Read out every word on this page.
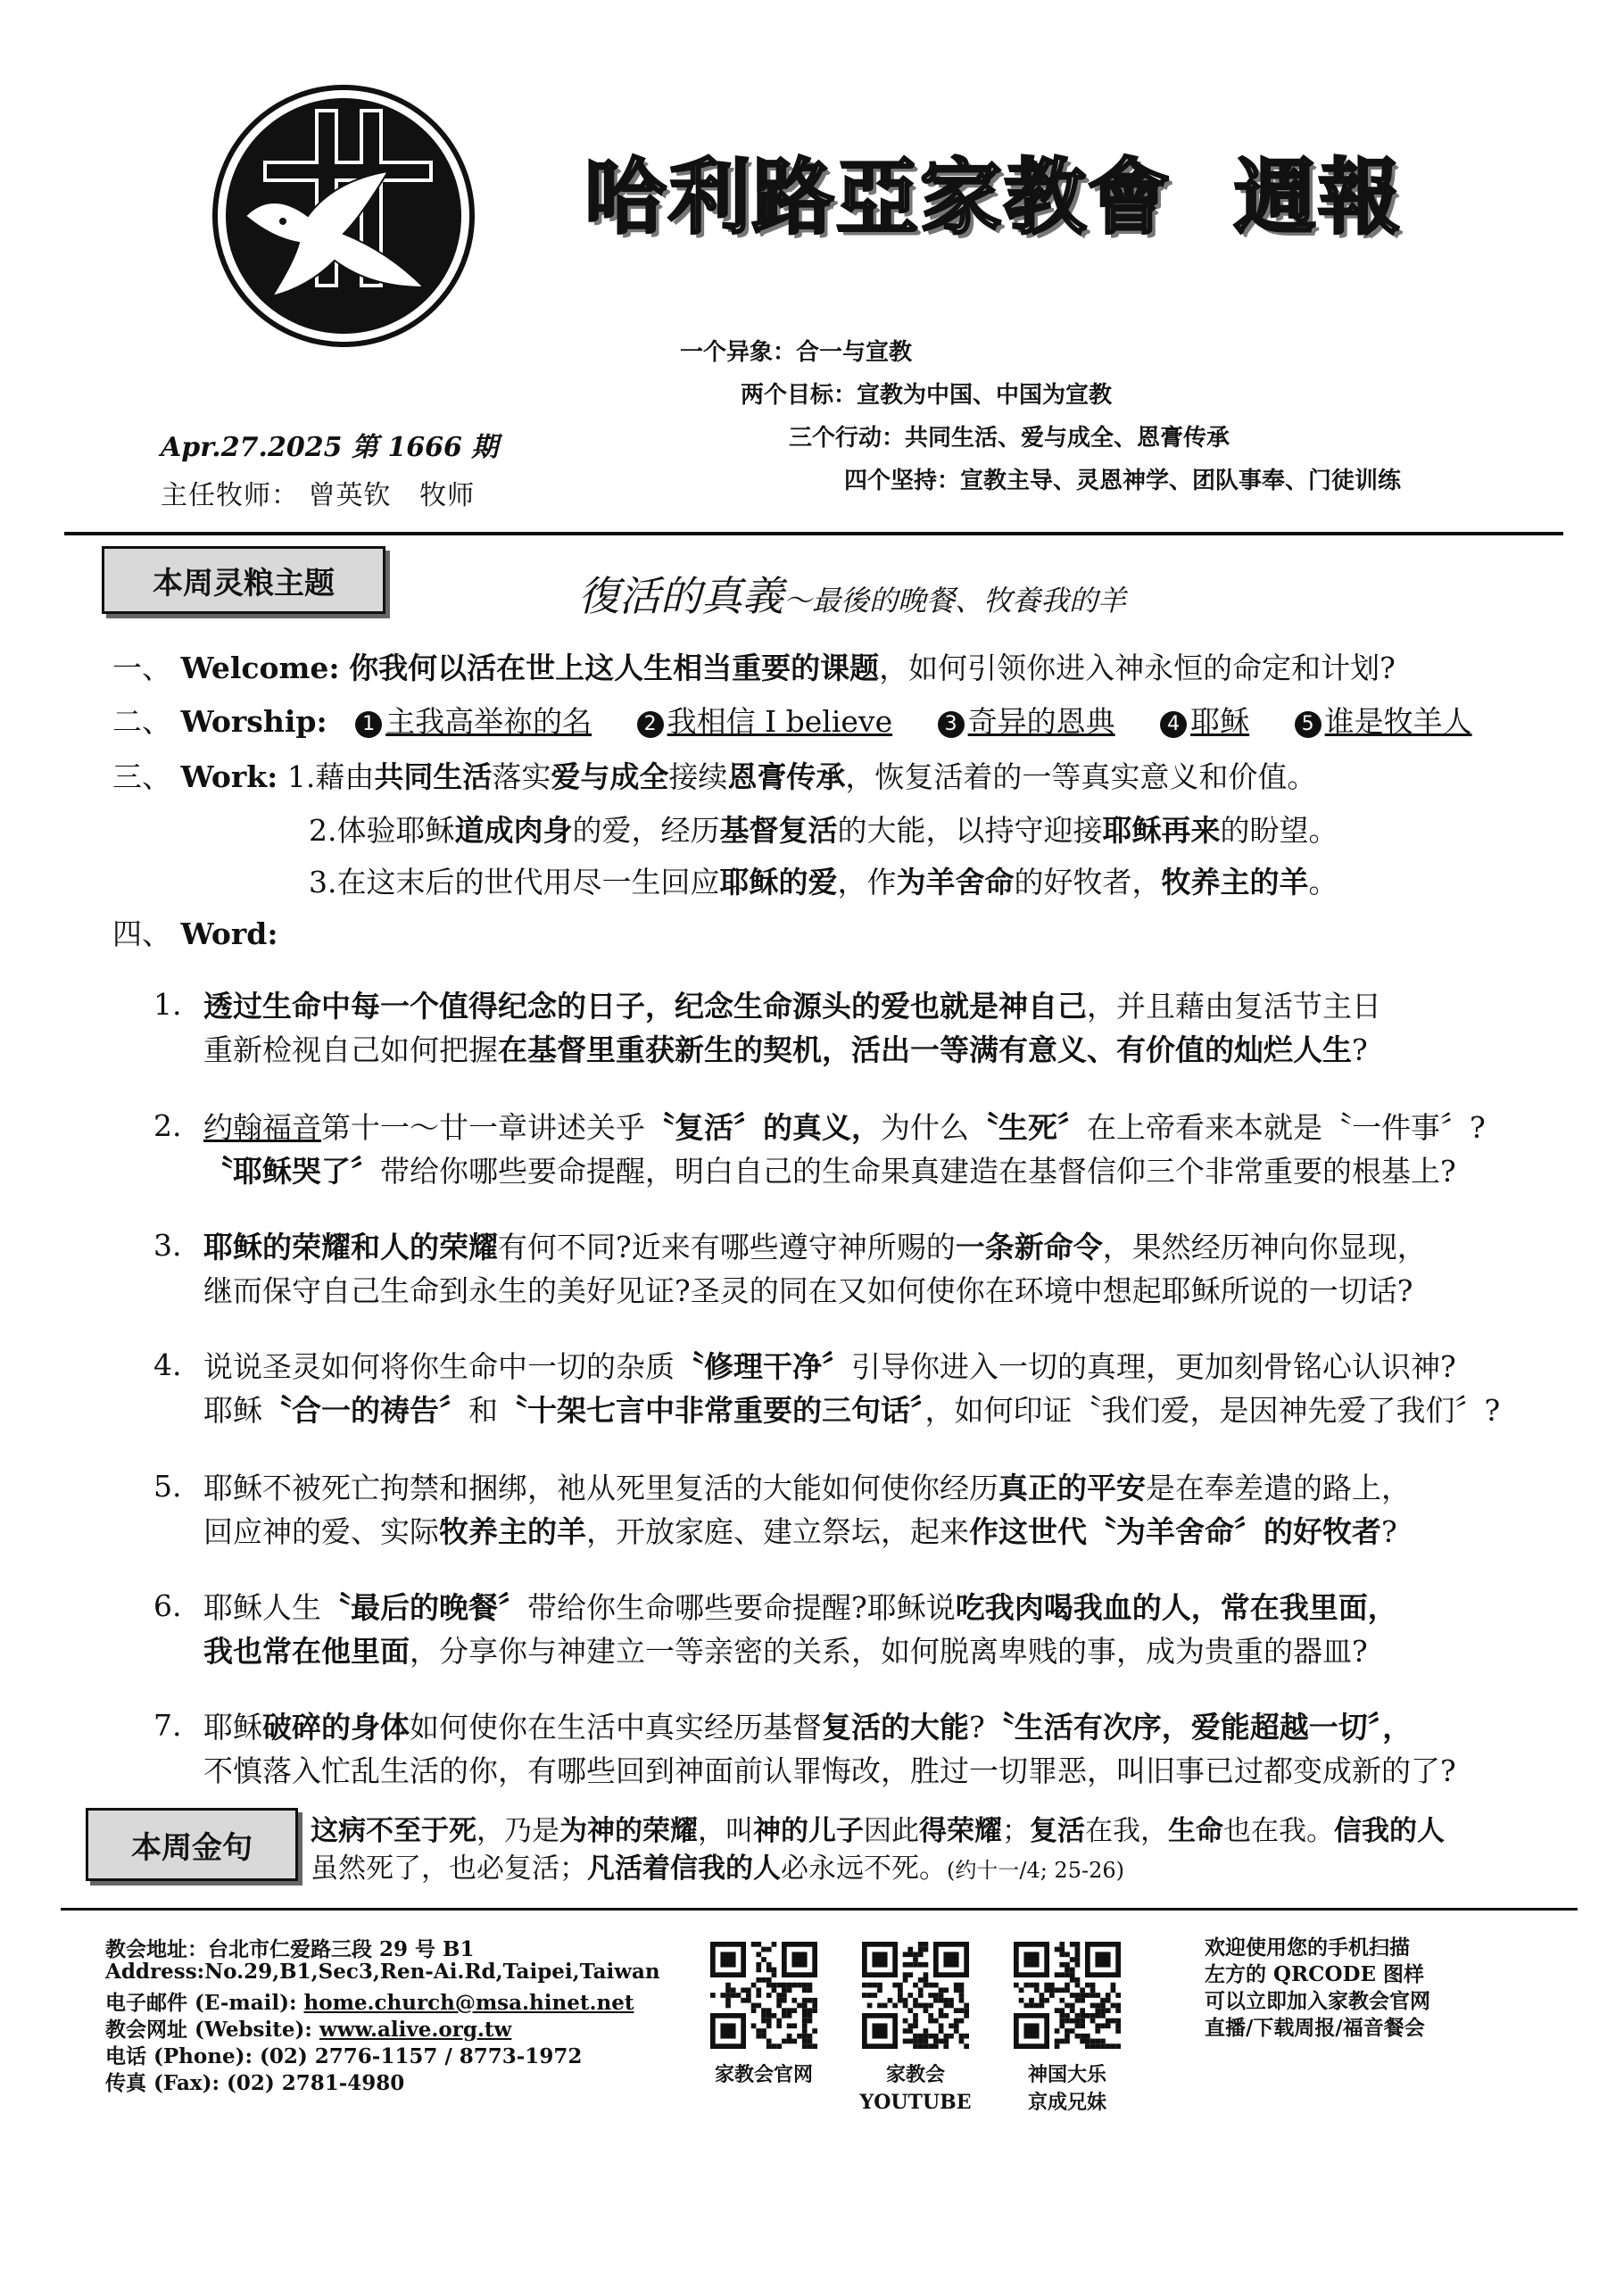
哈利路亞家教會 週報
一个异象：合一与宣教
两个目标：宣教为中国、中国为宣教
三个行动：共同生活、爱与成全、恩膏传承
四个坚持：宣教主导、灵恩神学、团队事奉、门徒训练
Apr.27.2025 第 1666 期
主任牧师： 曾英钦 牧师
本周灵粮主题	復活的真義～最後的晚餐、牧養我的羊
一、 Welcome: 你我何以活在世上这人生相当重要的课题，如何引领你进入神永恒的命定和计划?
二、 Worship: 1 主我高举祢的名	2 我相信 I believe	3 奇异的恩典	4 耶稣	5 谁是牧羊人
三、 Work: 1.藉由共同生活落实爱与成全接续恩膏传承，恢复活着的一等真实意义和价值。
2.体验耶稣道成肉身的爱，经历基督复活的大能，以持守迎接耶稣再来的盼望。
3.在这末后的世代用尽一生回应耶稣的爱，作为羊舍命的好牧者，牧养主的羊。
四、 Word:
1. 透过生命中每一个值得纪念的日子，纪念生命源头的爱也就是神自己，并且藉由复活节主日
重新检视自己如何把握在基督里重获新生的契机，活出一等满有意义、有价值的灿烂人生?
2. 约翰福音第十一～廿一章讲述关乎〝复活〞的真义，为什么〝生死〞在上帝看来本就是〝一件事〞?
〝耶稣哭了〞带给你哪些要命提醒，明白自己的生命果真建造在基督信仰三个非常重要的根基上?
3. 耶稣的荣耀和人的荣耀有何不同?近来有哪些遵守神所赐的一条新命令，果然经历神向你显现，
继而保守自己生命到永生的美好见证?圣灵的同在又如何使你在环境中想起耶稣所说的一切话?
4. 说说圣灵如何将你生命中一切的杂质〝修理干净〞引导你进入一切的真理，更加刻骨铭心认识神?
耶稣〝合一的祷告〞和〝十架七言中非常重要的三句话〞，如何印证〝我们爱，是因神先爱了我们〞?
5. 耶稣不被死亡拘禁和捆绑，祂从死里复活的大能如何使你经历真正的平安是在奉差遣的路上，
回应神的爱、实际牧养主的羊，开放家庭、建立祭坛，起来作这世代〝为羊舍命〞的好牧者?
6. 耶稣人生〝最后的晚餐〞带给你生命哪些要命提醒?耶稣说吃我肉喝我血的人，常在我里面，
我也常在他里面，分享你与神建立一等亲密的关系，如何脱离卑贱的事，成为贵重的器皿?
7. 耶稣破碎的身体如何使你在生活中真实经历基督复活的大能?〝生活有次序，爱能超越一切〞，
不慎落入忙乱生活的你，有哪些回到神面前认罪悔改，胜过一切罪恶，叫旧事已过都变成新的了?
本周金句	这病不至于死，乃是为神的荣耀，叫神的儿子因此得荣耀；复活在我，生命也在我。信我的人
虽然死了，也必复活；凡活着信我的人必永远不死。(约十一/4; 25-26)
教会地址：台北市仁爱路三段 29 号 B1
Address:No.29,B1,Sec3,Ren-Ai.Rd,Taipei,Taiwan
电子邮件 (E-mail): home.church@msa.hinet.net
教会网址 (Website): www.alive.org.tw
电话 (Phone): (02) 2776-1157 / 8773-1972
传真 (Fax): (02) 2781-4980	家教会官网	家教会
YOUTUBE
神国大乐
京成兄妹
欢迎使用您的手机扫描
左方的 QRCODE 图样
可以立即加入家教会官网
直播/下载周报/福音餐会
